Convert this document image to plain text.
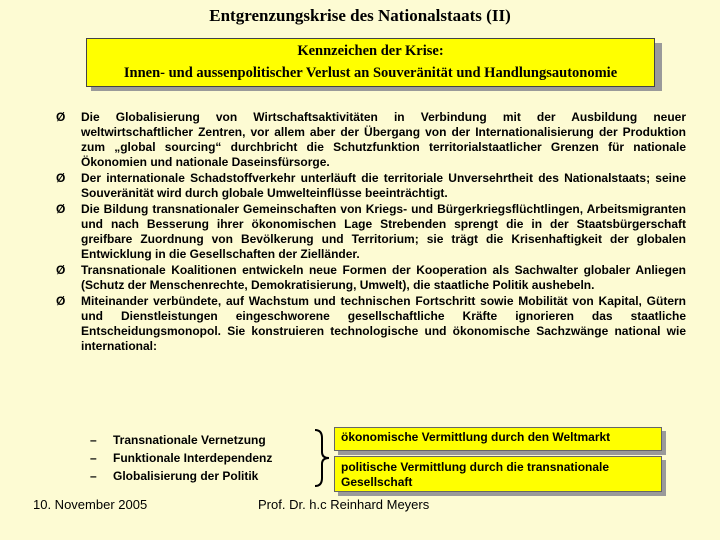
Entgrenzungskrise des Nationalstaats (II)
Kennzeichen der Krise:
Innen- und aussenpolitischer Verlust an Souveränität und Handlungsautonomie
Ø Die Globalisierung von Wirtschaftsaktivitäten in Verbindung mit der Ausbildung neuer weltwirtschaftlicher Zentren, vor allem aber der Übergang von der Internationalisierung der Produktion zum „global sourcing“ durchbricht die Schutzfunktion territorialstaatlicher Grenzen für nationale Ökonomien und nationale Daseinsfürsorge.
Ø Der internationale Schadstoffverkehr unterläuft die territoriale Unversehrtheit des Nationalstaats; seine Souveränität wird durch globale Umwelteinflüsse beeinträchtigt.
Ø Die Bildung transnationaler Gemeinschaften von Kriegs- und Bürgerkriegsflüchtlingen, Arbeitsmigranten und nach Besserung ihrer ökonomischen Lage Strebenden sprengt die in der Staatsbürgerschaft greifbare Zuordnung von Bevölkerung und Territorium; sie trägt die Krisenhaftigkeit der globalen Entwicklung in die Gesellschaften der Zielländer.
Ø Transnationale Koalitionen entwickeln neue Formen der Kooperation als Sachwalter globaler Anliegen (Schutz der Menschenrechte, Demokratisierung, Umwelt), die staatliche Politik aushebeln.
Ø Miteinander verbündete, auf Wachstum und technischen Fortschritt sowie Mobilität von Kapital, Gütern und Dienstleistungen eingeschworene gesellschaftliche Kräfte ignorieren das staatliche Entscheidungsmonopol. Sie konstruieren technologische und ökonomische Sachzwänge national wie international:
– Transnationale Vernetzung
– Funktionale Interdependenz
– Globalisierung der Politik
ökonomische Vermittlung durch den Weltmarkt
politische Vermittlung durch die transnationale Gesellschaft
10. November 2005	Prof. Dr. h.c Reinhard Meyers
